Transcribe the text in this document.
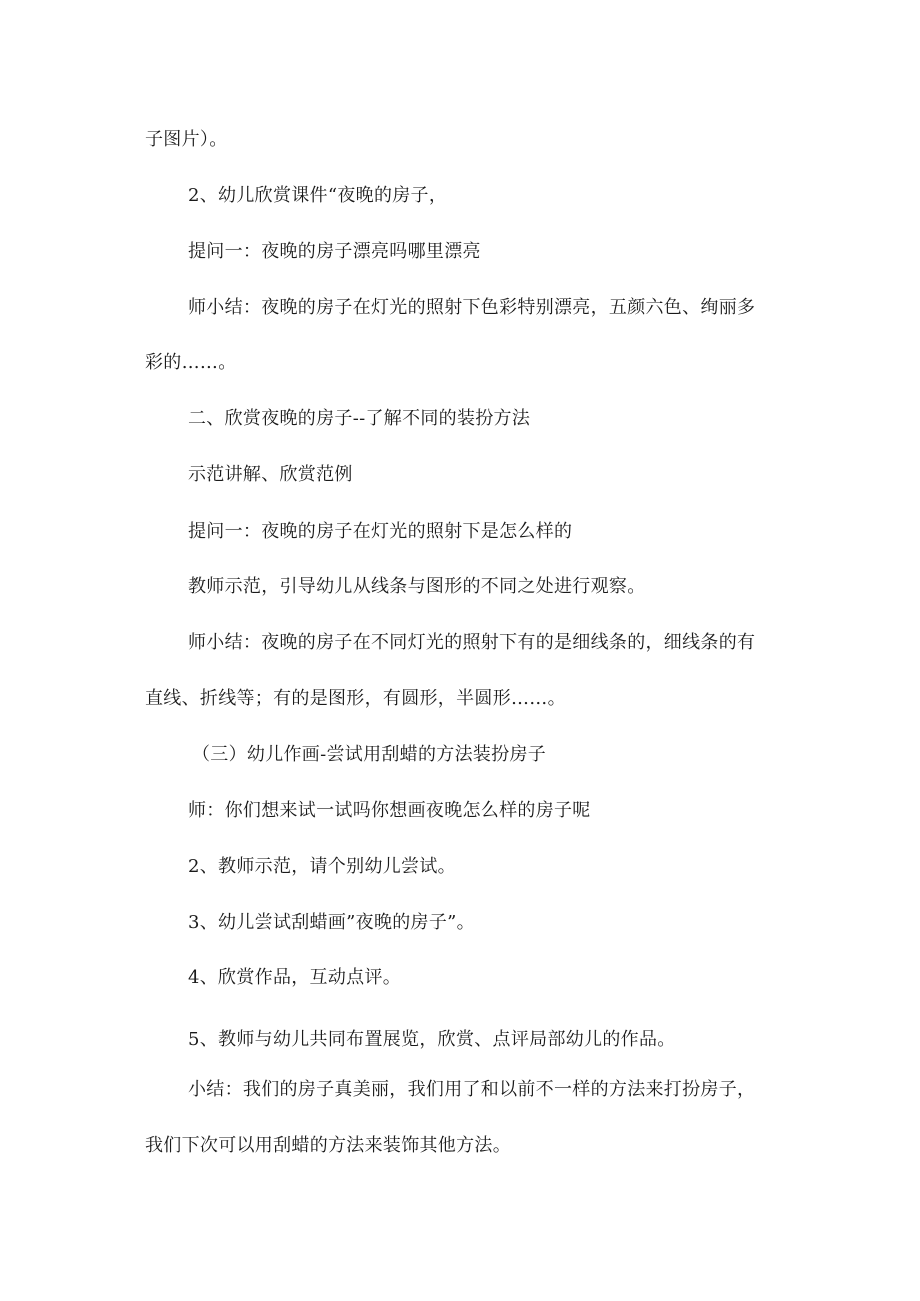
子图片）。
2、幼儿欣赏课件“夜晚的房子，
提问一：夜晚的房子漂亮吗哪里漂亮
师小结：夜晚的房子在灯光的照射下色彩特别漂亮，五颜六色、绚丽多
彩的……。
二、欣赏夜晚的房子--了解不同的装扮方法
示范讲解、欣赏范例
提问一：夜晚的房子在灯光的照射下是怎么样的
教师示范，引导幼儿从线条与图形的不同之处进行观察。
师小结：夜晚的房子在不同灯光的照射下有的是细线条的，细线条的有
直线、折线等；有的是图形，有圆形，半圆形……。
（三）幼儿作画-尝试用刮蜡的方法装扮房子
师：你们想来试一试吗你想画夜晚怎么样的房子呢
2、教师示范，请个别幼儿尝试。
3、幼儿尝试刮蜡画”夜晚的房子”。
4、欣赏作品，互动点评。
5、教师与幼儿共同布置展览，欣赏、点评局部幼儿的作品。
小结：我们的房子真美丽，我们用了和以前不一样的方法来打扮房子，
我们下次可以用刮蜡的方法来装饰其他方法。
